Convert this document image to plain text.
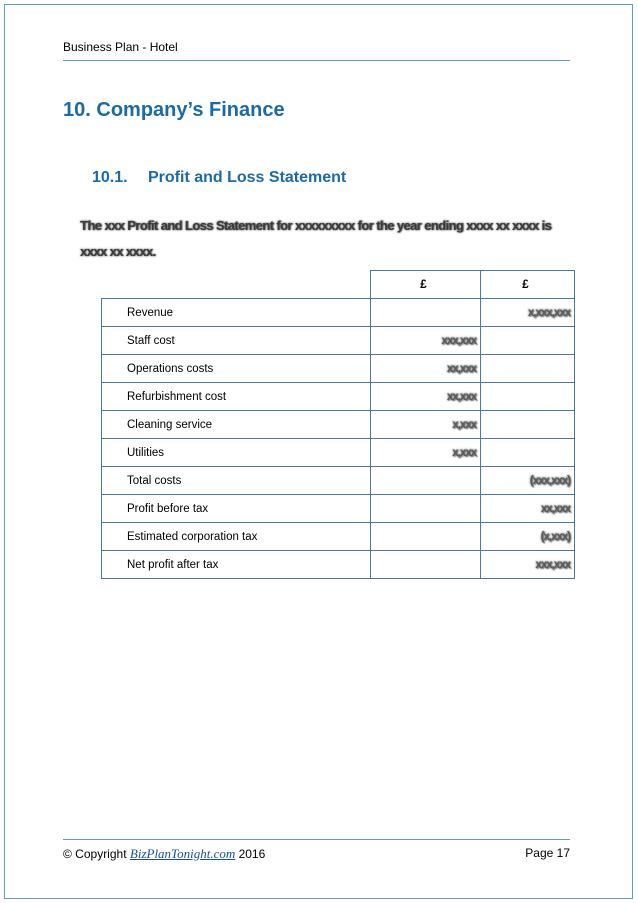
Business Plan - Hotel
10. Company’s Finance
10.1. Profit and Loss Statement
The xxx Profit and Loss Statement for xxxxxxxxx for the year ending xxxx xx xxxx is
xxxx xx xxxx.
	£	£
Revenue		x,xxx,xxx
Staff cost	xxx,xxx	
Operations costs	xx,xxx	
Refurbishment cost	xx,xxx	
Cleaning service	x,xxx	
Utilities	x,xxx	
Total costs		(xxx,xxx)
Profit before tax		xx,xxx
Estimated corporation tax		(x,xxx)
Net profit after tax		xxx,xxx
© Copyright BizPlanTonight.com 2016	Page 17
